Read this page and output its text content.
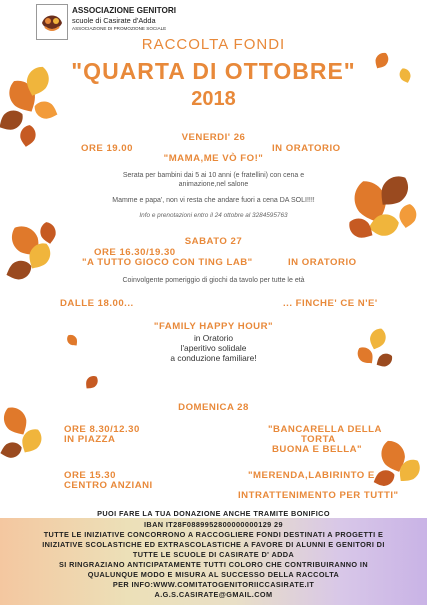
ASSOCIAZIONE GENITORI
scuole di Casirate d'Adda
ASSOCIAZIONE DI PROMOZIONE SOCIALE
RACCOLTA FONDI
"QUARTA DI OTTOBRE"
2018
VENERDI' 26
ORE 19.00	IN ORATORIO
"MAMA,ME VÒ FO!"
Serata per bambini dai 5 ai 10 anni (e fratellini) con cena e
animazione,nel salone
Mamme e papa', non vi resta che andare fuori a cena DA SOLI!!!!
Info e prenotazioni entro il 24 ottobre al 3284595763
SABATO 27
ORE 16.30/19.30
"A TUTTO GIOCO CON TING LAB"	IN ORATORIO
Coinvolgente pomeriggio di giochi da tavolo per tutte le età
DALLE 18.00...	... FINCHE' CE N'E'
"FAMILY HAPPY HOUR"
in Oratorio
l'aperitivo solidale
a conduzione familiare!
DOMENICA 28
ORE 8.30/12.30
IN PIAZZA
"BANCARELLA DELLA
TORTA
BUONA E BELLA"
ORE 15.30
CENTRO ANZIANI
"MERENDA,LABIRINTO E
INTRATTENIMENTO PER TUTTI"
PUOI FARE LA TUA DONAZIONE ANCHE TRAMITE BONIFICO
IBAN IT28F0889952800000000129 29
TUTTE LE INIZIATIVE CONCORRONO A RACCOGLIERE FONDI DESTINATI A PROGETTI E
INIZIATIVE SCOLASTICHE ED EXTRASCOLASTICHE A FAVORE DI ALUNNI E GENITORI DI
TUTTE LE SCUOLE DI CASIRATE D' ADDA
SI RINGRAZIANO ANTICIPATAMENTE TUTTI COLORO CHE CONTRIBUIRANNO IN
QUALUNQUE MODO E MISURA AL SUCCESSO DELLA RACCOLTA
PER INFO:WWW.COMITATOGENITORIICCASIRATE.IT
A.G.S.CASIRATE@GMAIL.COM
